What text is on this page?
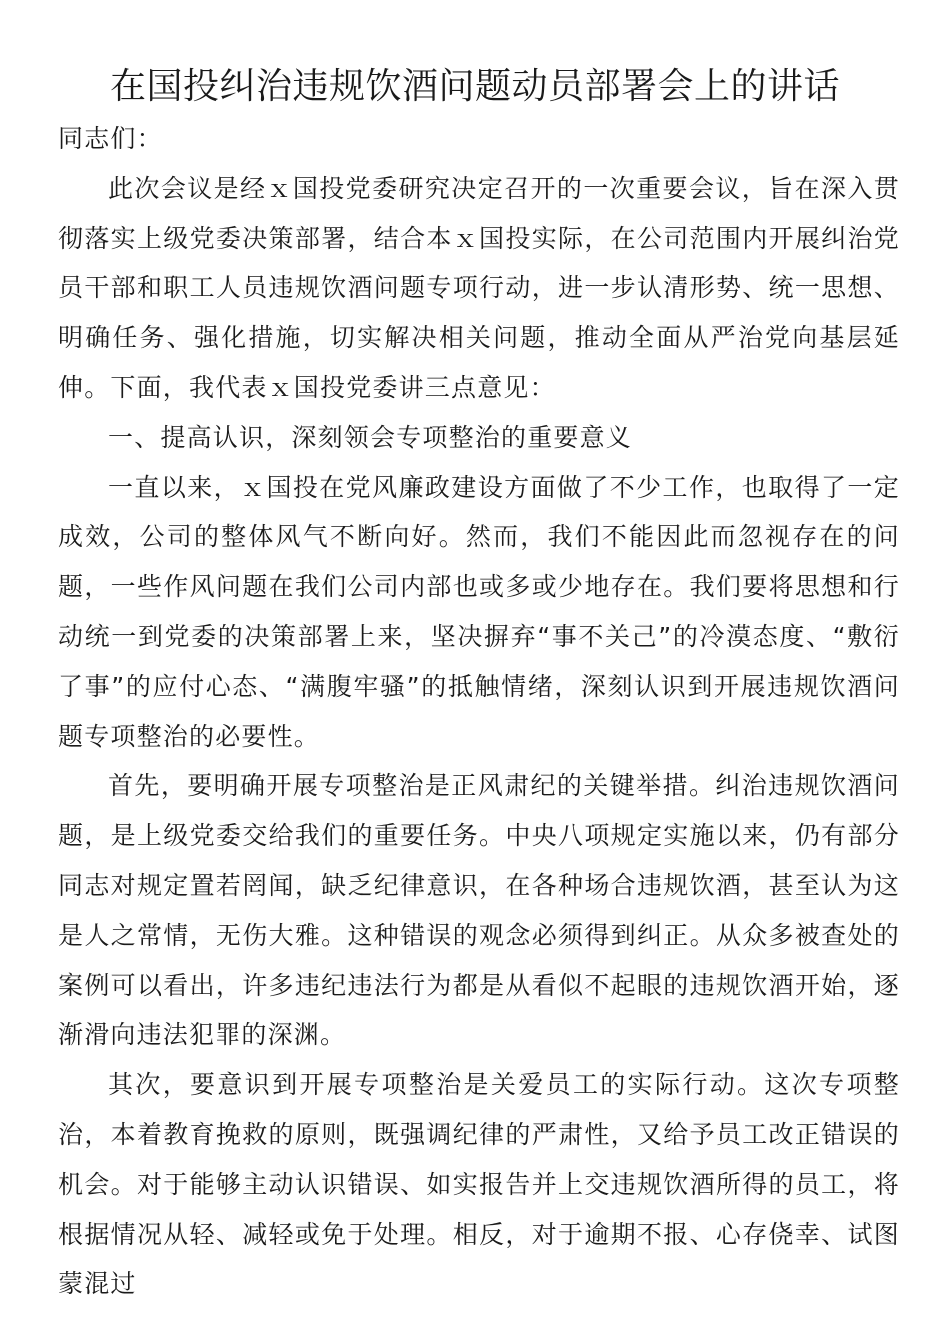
在国投纠治违规饮酒问题动员部署会上的讲话

同志们：

此次会议是经ｘ国投党委研究决定召开的一次重要会议，旨在深入贯彻落实上级党委决策部署，结合本ｘ国投实际，在公司范围内开展纠治党员干部和职工人员违规饮酒问题专项行动，进一步认清形势、统一思想、明确任务、强化措施，切实解决相关问题，推动全面从严治党向基层延伸。下面，我代表ｘ国投党委讲三点意见：

一、提高认识，深刻领会专项整治的重要意义

一直以来，ｘ国投在党风廉政建设方面做了不少工作，也取得了一定成效，公司的整体风气不断向好。然而，我们不能因此而忽视存在的问题，一些作风问题在我们公司内部也或多或少地存在。我们要将思想和行动统一到党委的决策部署上来，坚决摒弃“事不关己”的冷漠态度、“敷衍了事”的应付心态、“满腹牢骚”的抵触情绪，深刻认识到开展违规饮酒问题专项整治的必要性。

首先，要明确开展专项整治是正风肃纪的关键举措。纠治违规饮酒问题，是上级党委交给我们的重要任务。中央八项规定实施以来，仍有部分同志对规定置若罔闻，缺乏纪律意识，在各种场合违规饮酒，甚至认为这是人之常情，无伤大雅。这种错误的观念必须得到纠正。从众多被查处的案例可以看出，许多违纪违法行为都是从看似不起眼的违规饮酒开始，逐渐滑向违法犯罪的深渊。

其次，要意识到开展专项整治是关爱员工的实际行动。这次专项整治，本着教育挽救的原则，既强调纪律的严肃性，又给予员工改正错误的机会。对于能够主动认识错误、如实报告并上交违规饮酒所得的员工，将根据情况从轻、减轻或免于处理。相反，对于逾期不报、心存侥幸、试图蒙混过
